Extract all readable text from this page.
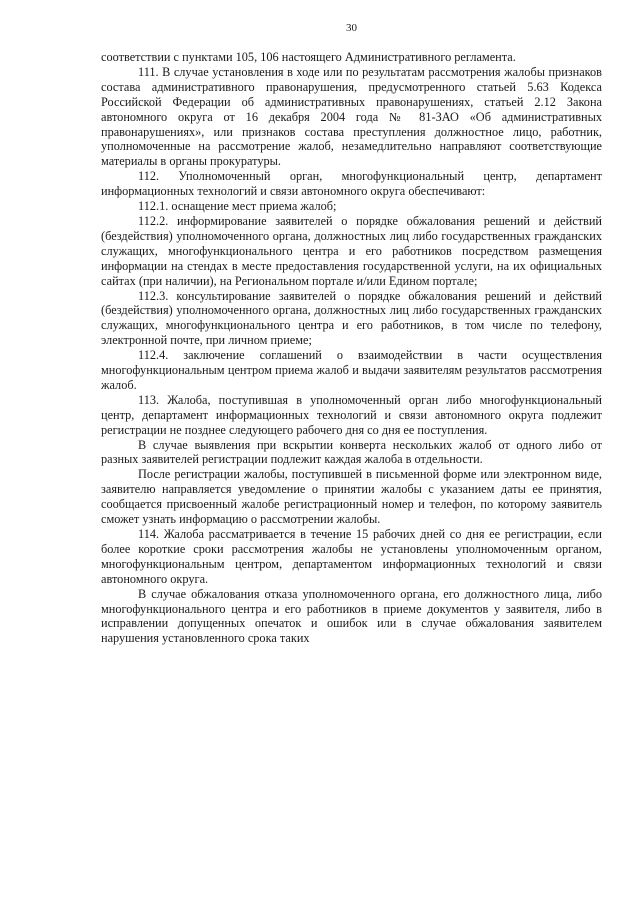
30

соответствии с пунктами 105, 106 настоящего Административного регламента.

111. В случае установления в ходе или по результатам рассмотрения жалобы признаков состава административного правонарушения, предусмотренного статьей 5.63 Кодекса Российской Федерации об административных правонарушениях, статьей 2.12 Закона автономного округа от 16 декабря 2004 года № 81-ЗАО «Об административных правонарушениях», или признаков состава преступления должностное лицо, работник, уполномоченные на рассмотрение жалоб, незамедлительно направляют соответствующие материалы в органы прокуратуры.

112. Уполномоченный орган, многофункциональный центр, департамент информационных технологий и связи автономного округа обеспечивают:

112.1. оснащение мест приема жалоб;

112.2. информирование заявителей о порядке обжалования решений и действий (бездействия) уполномоченного органа, должностных лиц либо государственных гражданских служащих, многофункционального центра и его работников посредством размещения информации на стендах в месте предоставления государственной услуги, на их официальных сайтах (при наличии), на Региональном портале и/или Едином портале;

112.3. консультирование заявителей о порядке обжалования решений и действий (бездействия) уполномоченного органа, должностных лиц либо государственных гражданских служащих, многофункционального центра и его работников, в том числе по телефону, электронной почте, при личном приеме;

112.4. заключение соглашений о взаимодействии в части осуществления многофункциональным центром приема жалоб и выдачи заявителям результатов рассмотрения жалоб.

113. Жалоба, поступившая в уполномоченный орган либо многофункциональный центр, департамент информационных технологий и связи автономного округа подлежит регистрации не позднее следующего рабочего дня со дня ее поступления.

В случае выявления при вскрытии конверта нескольких жалоб от одного либо от разных заявителей регистрации подлежит каждая жалоба в отдельности.

После регистрации жалобы, поступившей в письменной форме или электронном виде, заявителю направляется уведомление о принятии жалобы с указанием даты ее принятия, сообщается присвоенный жалобе регистрационный номер и телефон, по которому заявитель сможет узнать информацию о рассмотрении жалобы.

114. Жалоба рассматривается в течение 15 рабочих дней со дня ее регистрации, если более короткие сроки рассмотрения жалобы не установлены уполномоченным органом, многофункциональным центром, департаментом информационных технологий и связи автономного округа.

В случае обжалования отказа уполномоченного органа, его должностного лица, либо многофункционального центра и его работников в приеме документов у заявителя, либо в исправлении допущенных опечаток и ошибок или в случае обжалования заявителем нарушения установленного срока таких
